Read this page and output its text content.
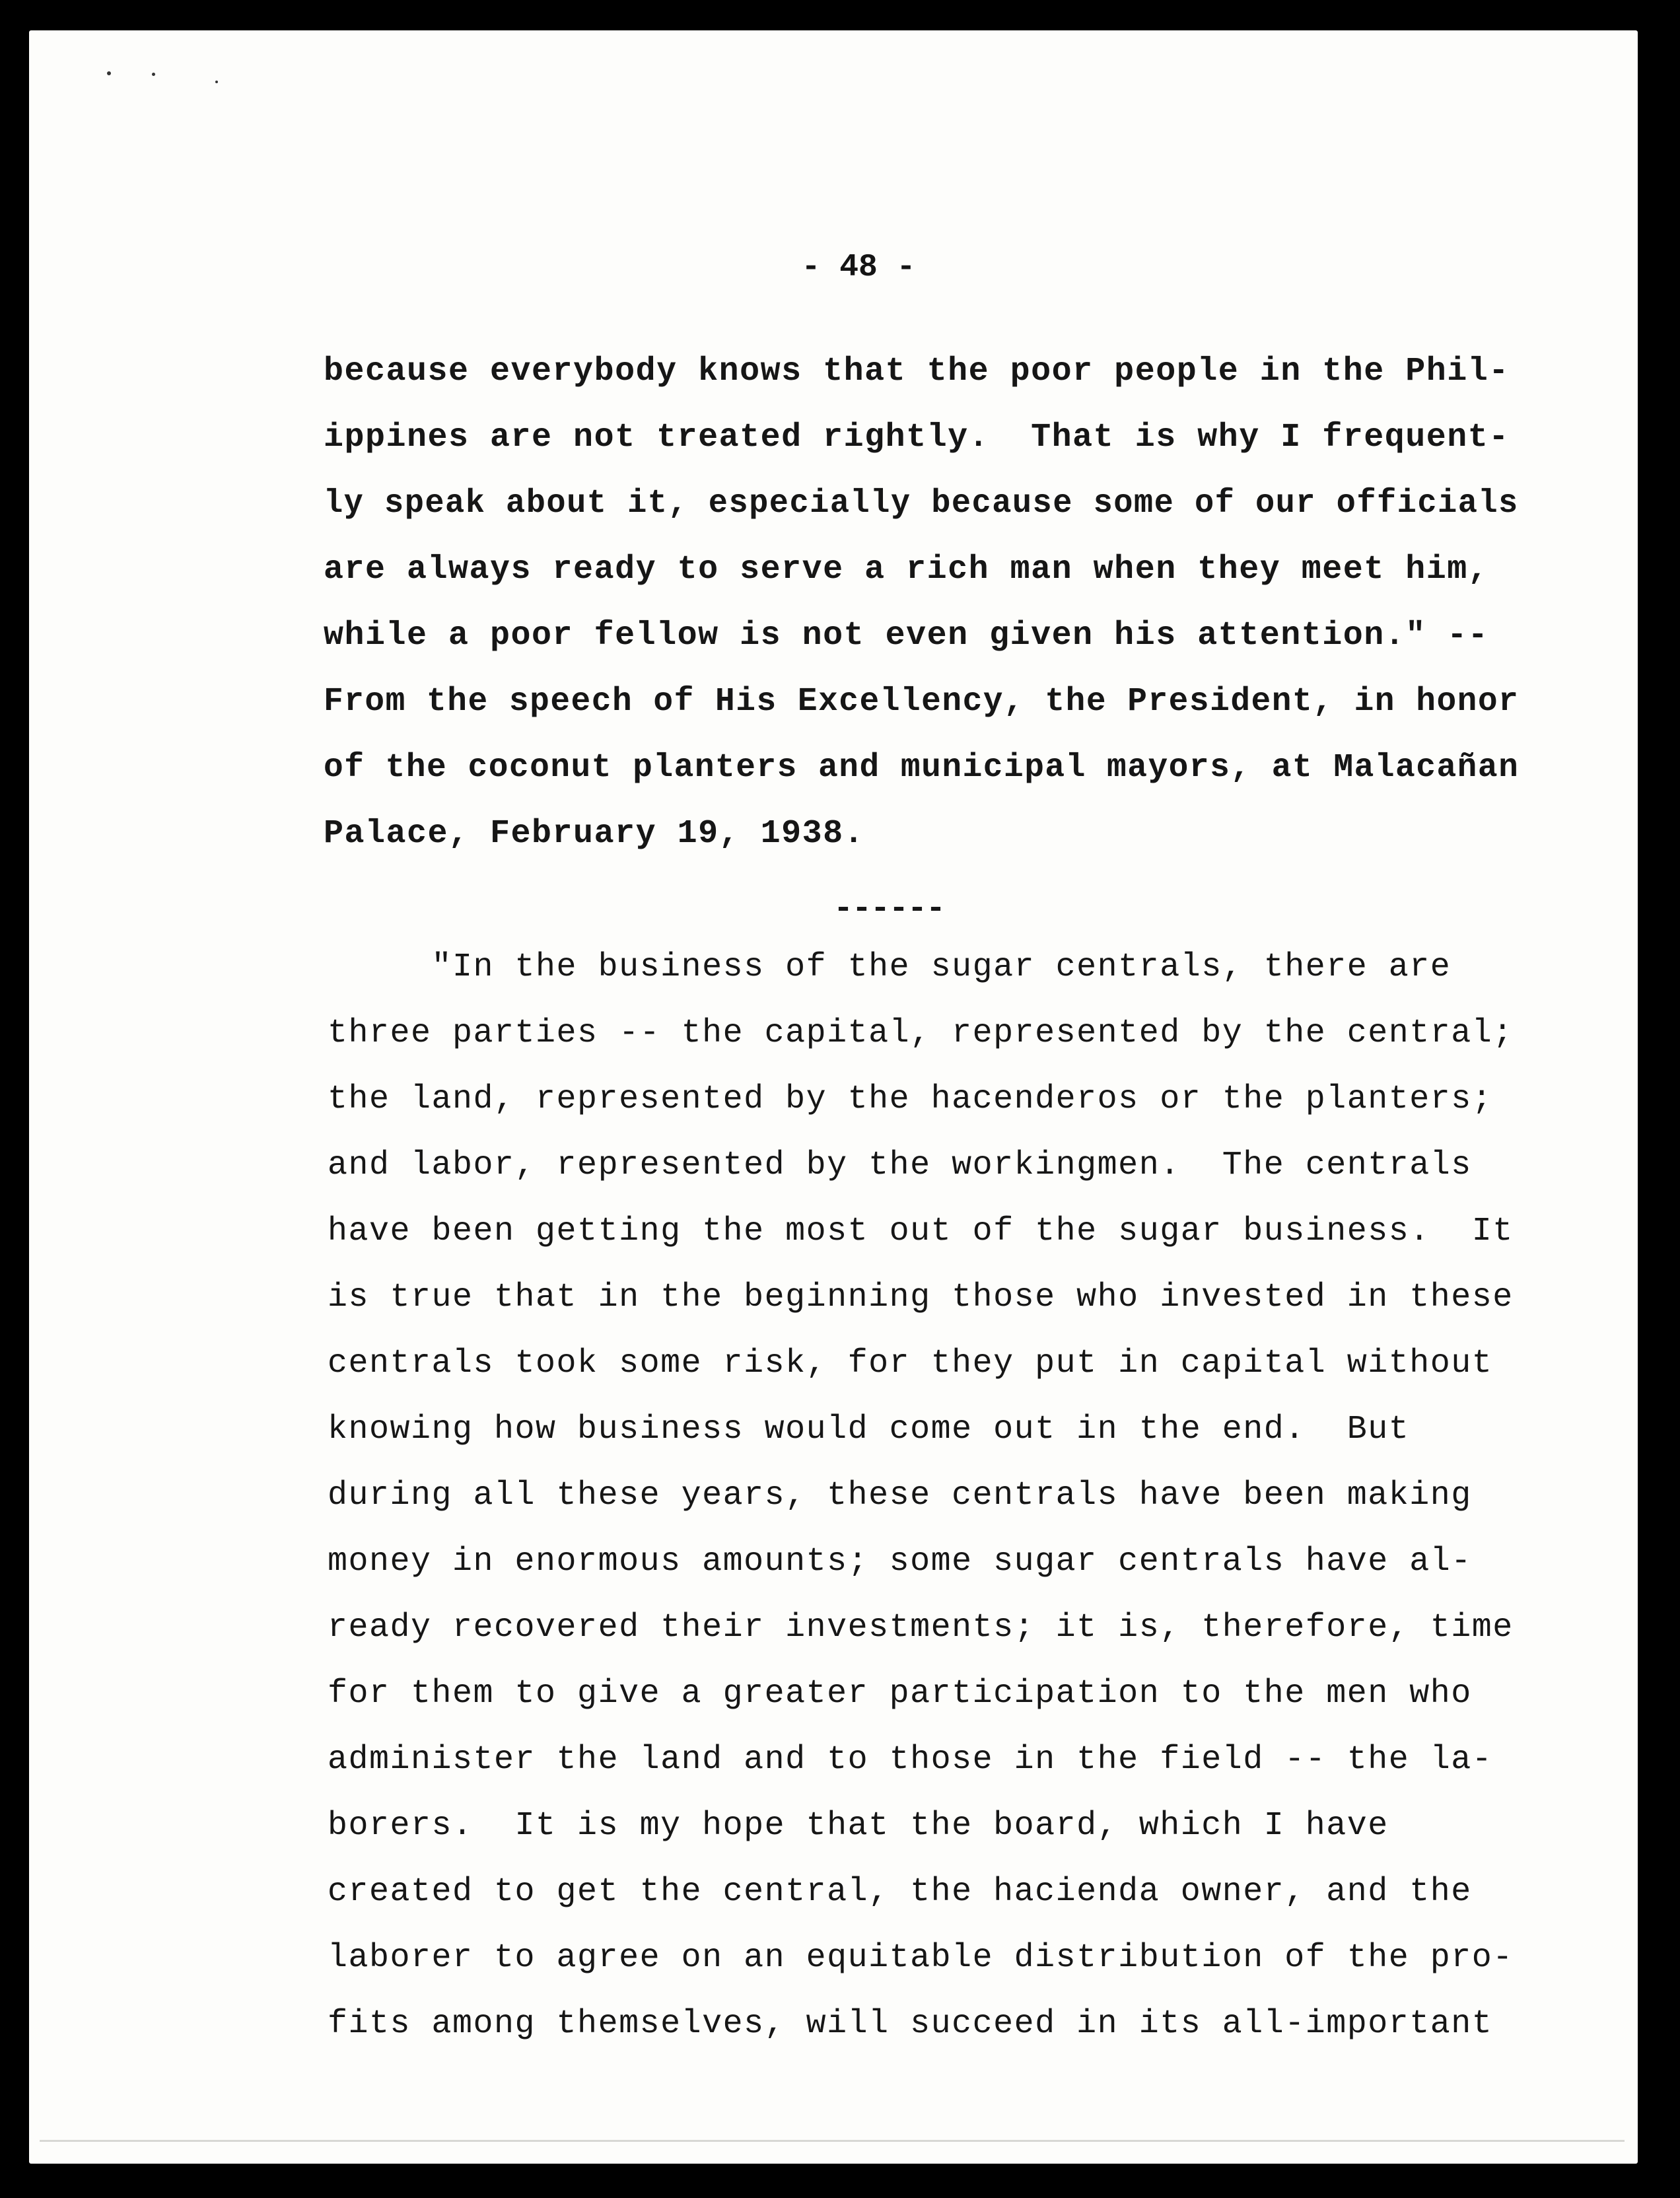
- 48 -
because everybody knows that the poor people in the Phil-
ippines are not treated rightly.  That is why I frequent-
ly speak about it, especially because some of our officials
are always ready to serve a rich man when they meet him,
while a poor fellow is not even given his attention." --
From the speech of His Excellency, the President, in honor
of the coconut planters and municipal mayors, at Malacañan
Palace, February 19, 1938.
------
"In the business of the sugar centrals, there are
three parties -- the capital, represented by the central;
the land, represented by the hacenderos or the planters;
and labor, represented by the workingmen.  The centrals
have been getting the most out of the sugar business.  It
is true that in the beginning those who invested in these
centrals took some risk, for they put in capital without
knowing how business would come out in the end.  But
during all these years, these centrals have been making
money in enormous amounts; some sugar centrals have al-
ready recovered their investments; it is, therefore, time
for them to give a greater participation to the men who
administer the land and to those in the field -- the la-
borers.  It is my hope that the board, which I have
created to get the central, the hacienda owner, and the
laborer to agree on an equitable distribution of the pro-
fits among themselves, will succeed in its all-important
